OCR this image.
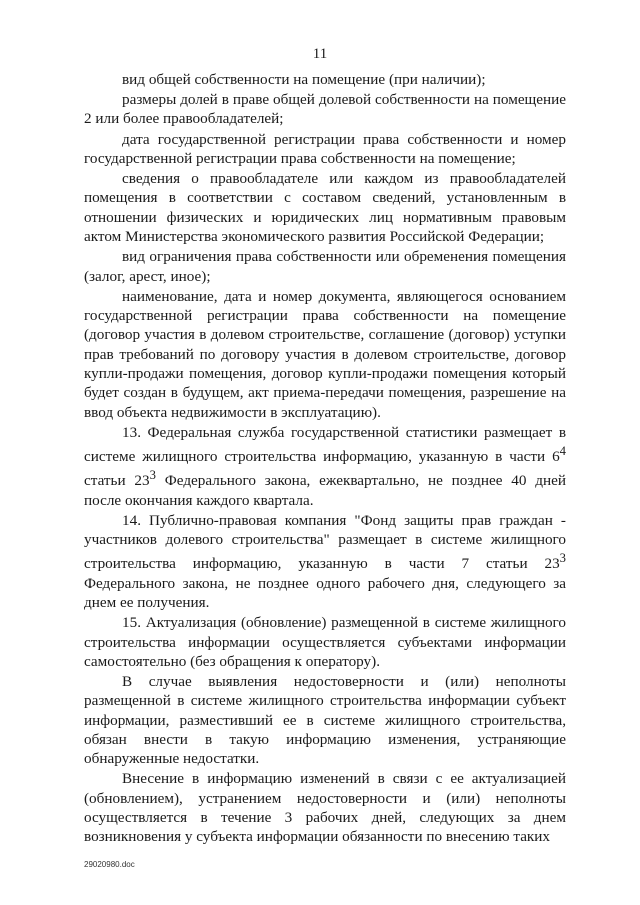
11

вид общей собственности на помещение (при наличии);

размеры долей в праве общей долевой собственности на помещение 2 или более правообладателей;

дата государственной регистрации права собственности и номер государственной регистрации права собственности на помещение;

сведения о правообладателе или каждом из правообладателей помещения в соответствии с составом сведений, установленным в отношении физических и юридических лиц нормативным правовым актом Министерства экономического развития Российской Федерации;

вид ограничения права собственности или обременения помещения (залог, арест, иное);

наименование, дата и номер документа, являющегося основанием государственной регистрации права собственности на помещение (договор участия в долевом строительстве, соглашение (договор) уступки прав требований по договору участия в долевом строительстве, договор купли-продажи помещения, договор купли-продажи помещения который будет создан в будущем, акт приема-передачи помещения, разрешение на ввод объекта недвижимости в эксплуатацию).

13. Федеральная служба государственной статистики размещает в системе жилищного строительства информацию, указанную в части $6^4$ статьи $23^3$ Федерального закона, ежеквартально, не позднее 40 дней после окончания каждого квартала.

14. Публично-правовая компания "Фонд защиты прав граждан - участников долевого строительства" размещает в системе жилищного строительства информацию, указанную в части 7 статьи $23^3$ Федерального закона, не позднее одного рабочего дня, следующего за днем ее получения.

15. Актуализация (обновление) размещенной в системе жилищного строительства информации осуществляется субъектами информации самостоятельно (без обращения к оператору).

В случае выявления недостоверности и (или) неполноты размещенной в системе жилищного строительства информации субъект информации, разместивший ее в системе жилищного строительства, обязан внести в такую информацию изменения, устраняющие обнаруженные недостатки.

Внесение в информацию изменений в связи с ее актуализацией (обновлением), устранением недостоверности и (или) неполноты осуществляется в течение 3 рабочих дней, следующих за днем возникновения у субъекта информации обязанности по внесению таких

29020980.doc
